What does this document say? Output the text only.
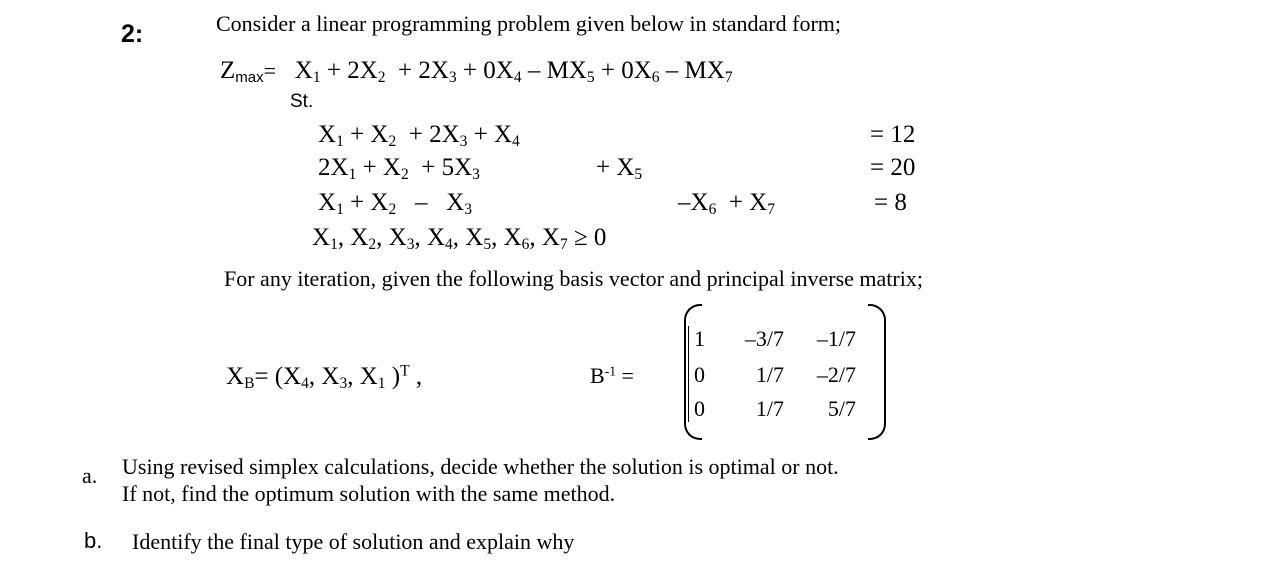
2:	Consider a linear programming problem given below in standard form;
$Z_{max}= X_1 + 2X_2 + 2X_3 + 0X_4 - MX_5 + 0X_6 - MX_7$
St.
$X_1 + X_2 + 2X_3 + X_4$	= 12
$2X_1 + X_2 + 5X_3$	+ $X_5$	= 20
$X_1 + X_2 - X_3$	$-X_6 + X_7$	= 8
$X_1$, $X_2$, $X_3$, $X_4$, $X_5$, $X_6$, $X_7 \ge 0$
For any iteration, given the following basis vector and principal inverse matrix;
$X_B= (X_4$, $X_3$, $X_1$ )$^T$ ,	$B^{-1}$ =
1	–3/7	–1/7
0	1/7	–2/7
0	1/7	5/7
a. Using revised simplex calculations, decide whether the solution is optimal or not.
If not, find the optimum solution with the same method.
b. Identify the final type of solution and explain why
